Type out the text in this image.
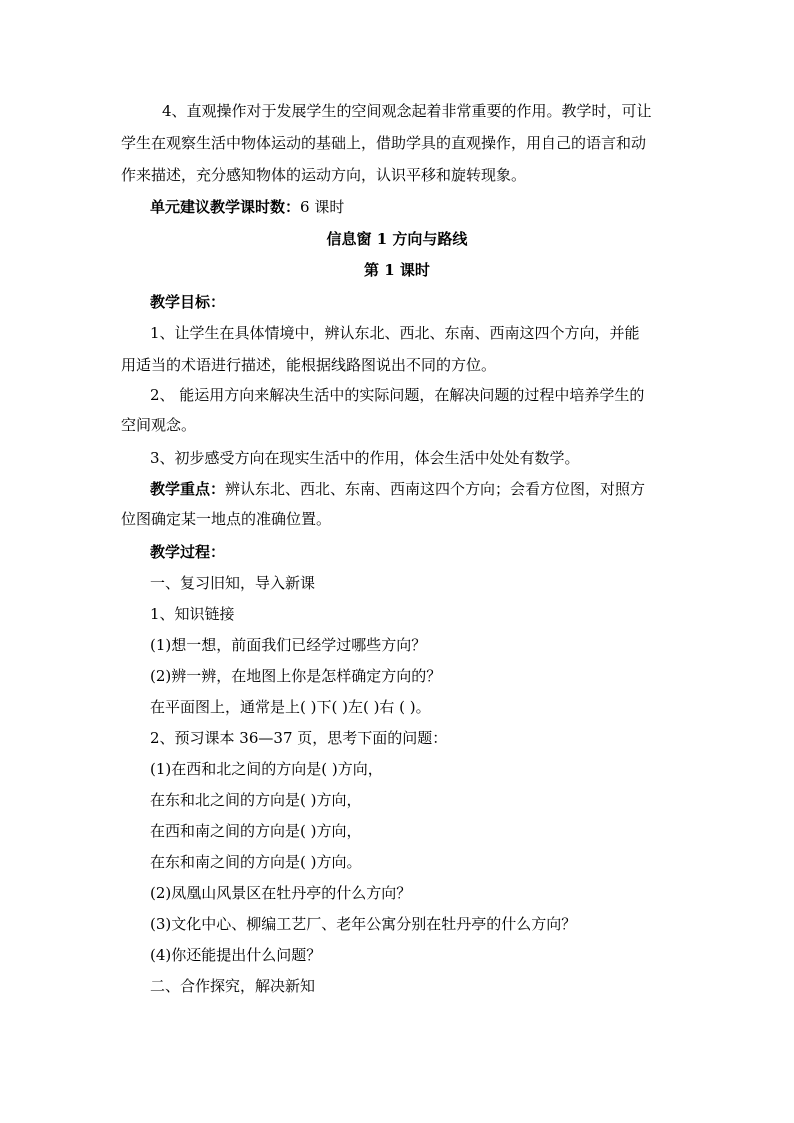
4、直观操作对于发展学生的空间观念起着非常重要的作用。教学时，可让
学生在观察生活中物体运动的基础上，借助学具的直观操作，用自己的语言和动
作来描述，充分感知物体的运动方向，认识平移和旋转现象。
单元建议教学课时数：6 课时
信息窗 1 方向与路线
第 1 课时
教学目标：
1、让学生在具体情境中，辨认东北、西北、东南、西南这四个方向，并能
用适当的术语进行描述，能根据线路图说出不同的方位。
2、 能运用方向来解决生活中的实际问题，在解决问题的过程中培养学生的
空间观念。
3、初步感受方向在现实生活中的作用，体会生活中处处有数学。
教学重点：辨认东北、西北、东南、西南这四个方向；会看方位图，对照方
位图确定某一地点的准确位置。
教学过程：
一、复习旧知，导入新课
1、知识链接
(1)想一想，前面我们已经学过哪些方向？
(2)辨一辨，在地图上你是怎样确定方向的？
在平面图上，通常是上( )下( )左( )右 ( )。
2、预习课本 36—37 页，思考下面的问题：
(1)在西和北之间的方向是( )方向，
在东和北之间的方向是( )方向，
在西和南之间的方向是( )方向，
在东和南之间的方向是( )方向。
(2)凤凰山风景区在牡丹亭的什么方向？
(3)文化中心、柳编工艺厂、老年公寓分别在牡丹亭的什么方向？
(4)你还能提出什么问题？
二、合作探究，解决新知
